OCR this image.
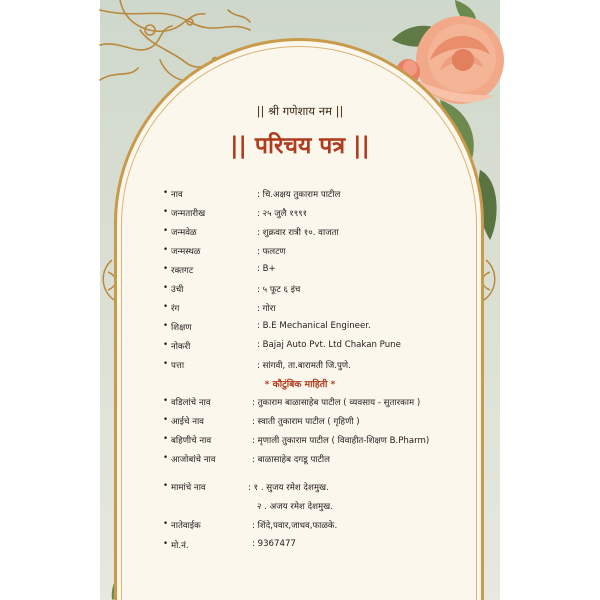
|| श्री गणेशाय नम ||
|| परिचय पत्र ||
• नाव	: चि.अक्षय तुकाराम पाटील
• जन्मतारीख	: २५ जुलै १९९१
• जन्मवेळ	: शुक्रवार रात्री १०. वाजता
• जन्मस्थळ	: फलटण
• रक्तगट	: B+
• उंची	: ५ फूट ६ इंच
• रंग	: गोरा
• शिक्षण	: B.E Mechanical Engineer.
• नोकरी	: Bajaj Auto Pvt. Ltd Chakan Pune
• पत्ता	: सांगवी, ता.बारामती जि.पुणे.
* कौटुंबिक माहिती *
• वडिलांचे नाव	: तुकाराम बाळासाहेब पाटील ( व्यवसाय - सुतारकाम )
• आईचे नाव	: स्वाती तुकाराम पाटील ( गृहिणी )
• बहिणीचे नाव	: मृणाली तुकाराम पाटील ( विवाहीत-शिक्षण B.Pharm)
• आजोबांचे नाव	: बाळासाहेब दगडू पाटील
• मामांचे नाव	: १ . सुजय रमेश देशमुख.
२ . अजय रमेश देशमुख.
• नातेवाईक	: शिंदे,पवार,जाधव,फाळके.
• मो.नं.	: 9367477
